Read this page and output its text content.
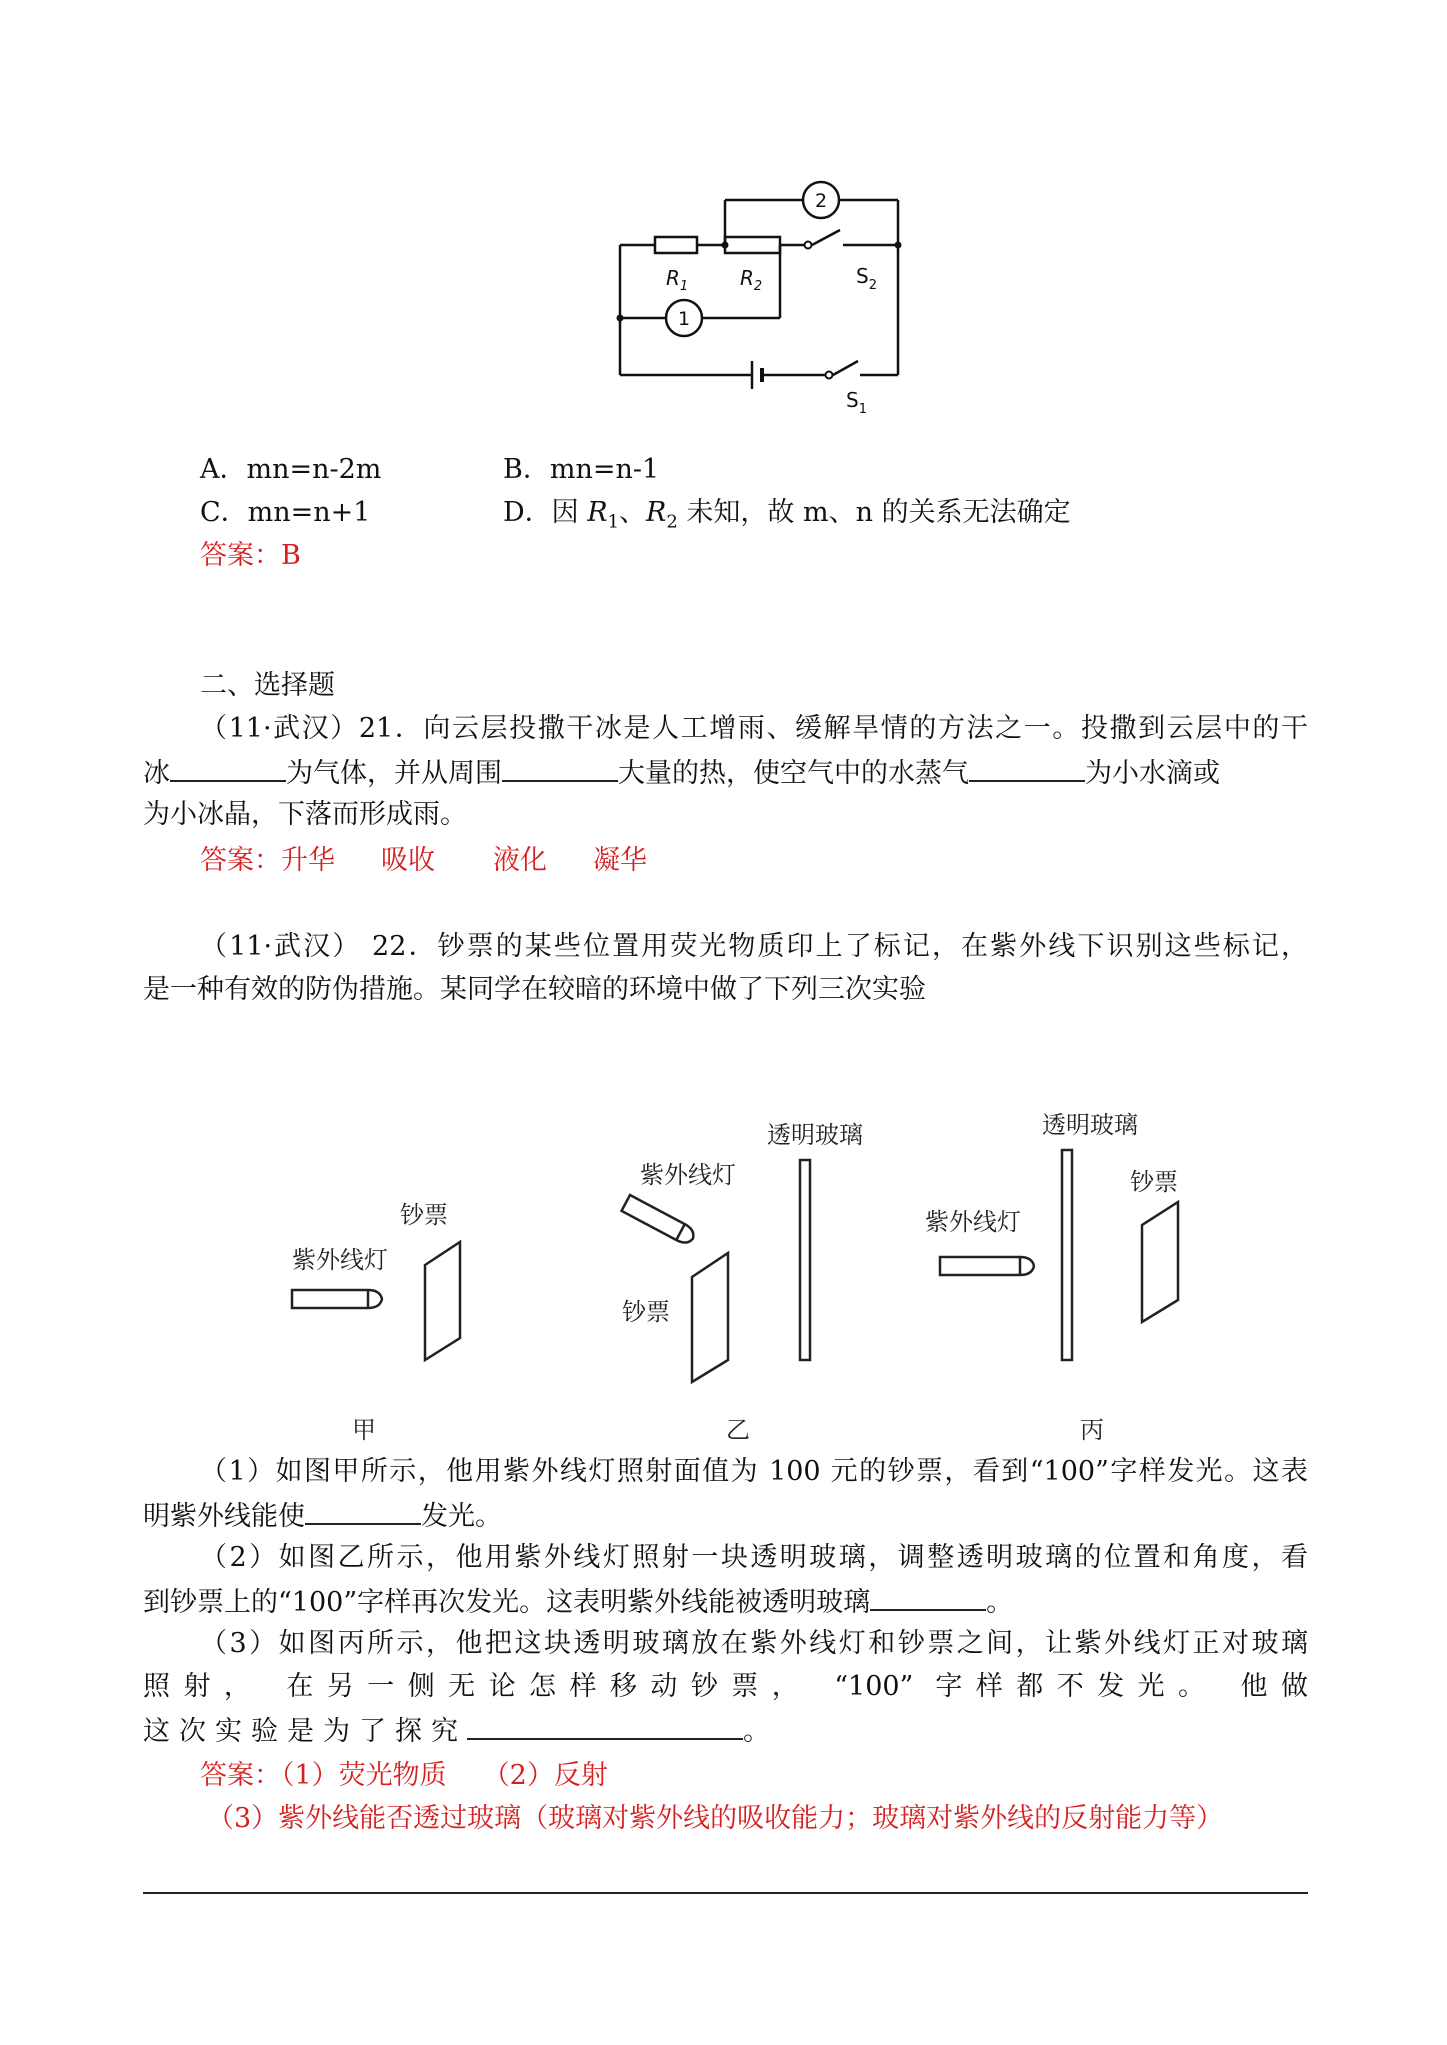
$R_1$	$R_2$
1
2
$S_2$
$S_1$
A．mn=n-2m	B．mn=n-1
C．mn=n+1	D．因 $R_1$、$R_2$ 未知，故 m、n 的关系无法确定
答案：B
二、选择题
（11·武汉）21．向云层投撒干冰是人工增雨、缓解旱情的方法之一。投撒到云层中的干
冰	为气体，并从周围	大量的热，使空气中的水蒸气	为小水滴或
为小冰晶，下落而形成雨。
答案：升华 吸收 液化 凝华
（11·武汉） 22．钞票的某些位置用荧光物质印上了标记，在紫外线下识别这些标记，
是一种有效的防伪措施。某同学在较暗的环境中做了下列三次实验
紫外线灯
钞票
甲
紫外线灯
透明玻璃
钞票
乙
透明玻璃
钞票
紫外线灯
丙
（1）如图甲所示，他用紫外线灯照射面值为 100 元的钞票，看到“100”字样发光。这表
明紫外线能使	发光。
（2）如图乙所示，他用紫外线灯照射一块透明玻璃，调整透明玻璃的位置和角度，看
到钞票上的“100”字样再次发光。这表明紫外线能被透明玻璃	。
（3）如图丙所示，他把这块透明玻璃放在紫外线灯和钞票之间，让紫外线灯正对玻璃
照射， 在另一侧无论怎样移动钞票， “100” 字样都不发光。 他做
这次实验是为了探究	。
答案：（1）荧光物质 （2）反射
（3）紫外线能否透过玻璃（玻璃对紫外线的吸收能力；玻璃对紫外线的反射能力等）
